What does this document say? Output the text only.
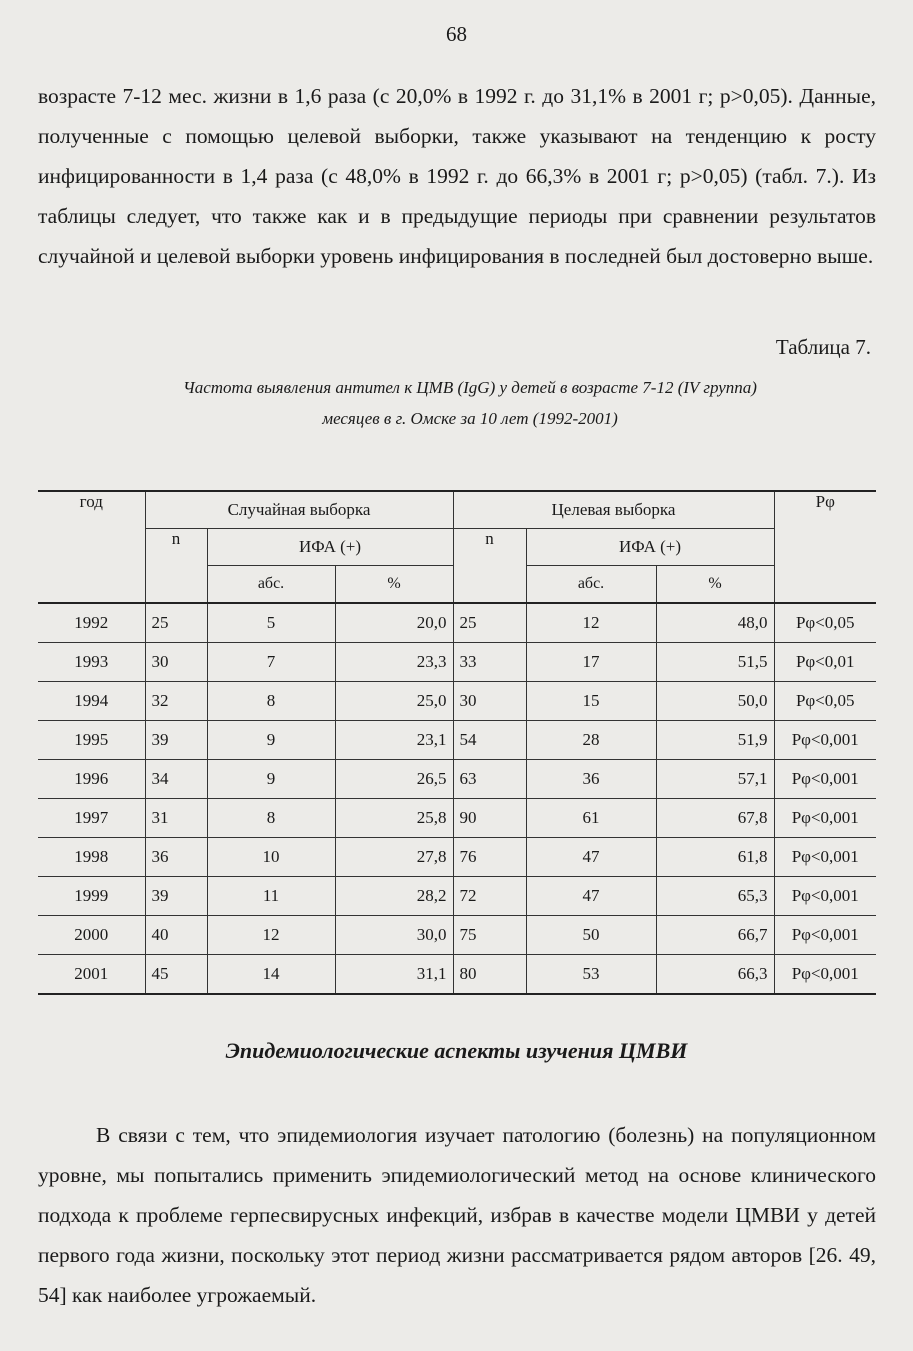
68

возрасте 7-12 мес. жизни в 1,6 раза (с 20,0% в 1992 г. до 31,1% в 2001 г; р>0,05). Данные, полученные с помощью целевой выборки, также указывают на тенденцию к росту инфицированности в 1,4 раза (с 48,0% в 1992 г. до 66,3% в 2001 г; р>0,05) (табл. 7.). Из таблицы следует, что также как и в предыдущие периоды при сравнении результатов случайной и целевой выборки уровень инфицирования в последней был достоверно выше.

Таблица 7.
Частота выявления антител к ЦМВ (IgG) у детей в возрасте 7-12 (IV группа)
месяцев в г. Омске за 10 лет (1992-2001)
год	Случайная выборка			Целевая выборка			Рφ
	n	ИФА (+)		n	ИФА (+)		
		абс.	%		абс.	%	
1992	25	5	20,0	25	12	48,0	Рφ<0,05
1993	30	7	23,3	33	17	51,5	Рφ<0,01
1994	32	8	25,0	30	15	50,0	Рφ<0,05
1995	39	9	23,1	54	28	51,9	Рφ<0,001
1996	34	9	26,5	63	36	57,1	Рφ<0,001
1997	31	8	25,8	90	61	67,8	Рφ<0,001
1998	36	10	27,8	76	47	61,8	Рφ<0,001
1999	39	11	28,2	72	47	65,3	Рφ<0,001
2000	40	12	30,0	75	50	66,7	Рφ<0,001
2001	45	14	31,1	80	53	66,3	Рφ<0,001
Эпидемиологические аспекты изучения ЦМВИ

В связи с тем, что эпидемиология изучает патологию (болезнь) на популяционном уровне, мы попытались применить эпидемиологический метод на основе клинического подхода к проблеме герпесвирусных инфекций, избрав в качестве модели ЦМВИ у детей первого года жизни, поскольку этот период жизни рассматривается рядом авторов [26. 49, 54] как наиболее угрожаемый.
